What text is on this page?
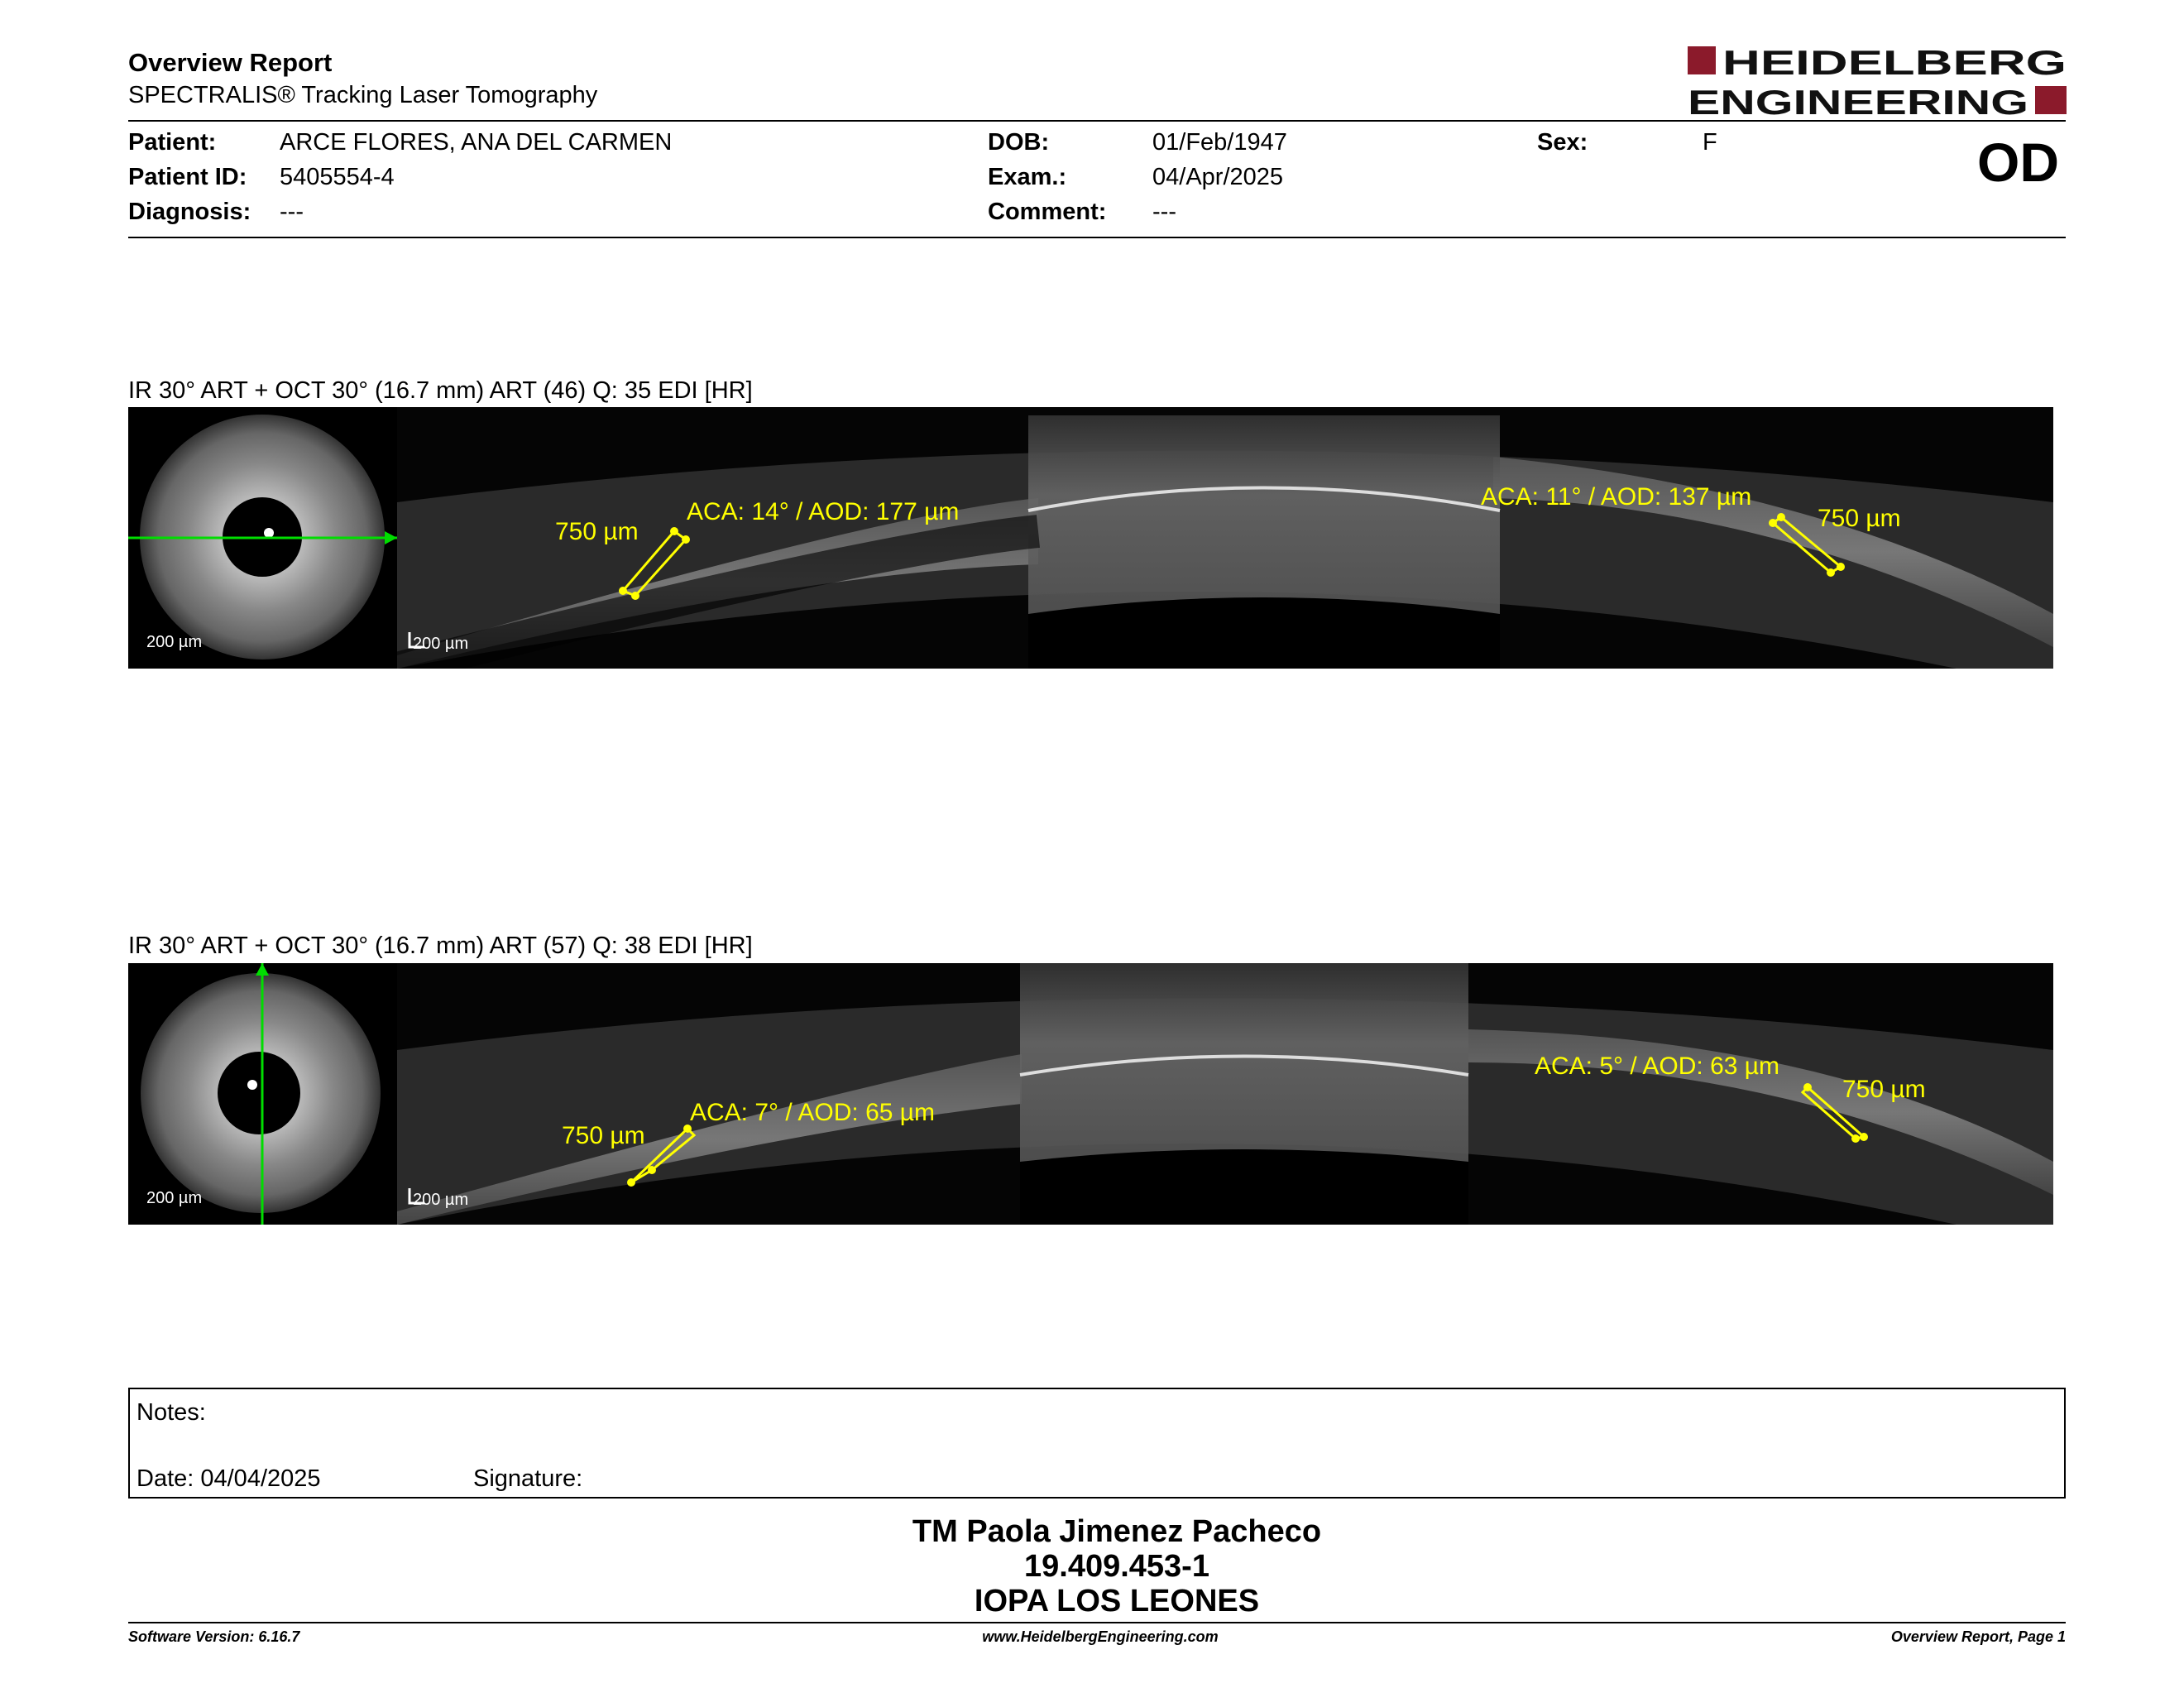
Overview Report
SPECTRALIS® Tracking Laser Tomography
HEIDELBERG
ENGINEERING
Patient:	ARCE FLORES, ANA DEL CARMEN
Patient ID: 5405554-4
Diagnosis: ---
DOB:	01/Feb/1947
Exam.:	04/Apr/2025
Comment: ---
Sex:	F	OD
IR 30° ART + OCT 30° (16.7 mm) ART (46) Q: 35 EDI [HR]
200 µm
750 µm
ACA: 14° / AOD: 177 µm
ACA: 11° / AOD: 137 µm
750 µm
200 µm
IR 30° ART + OCT 30° (16.7 mm) ART (57) Q: 38 EDI [HR]
200 µm
750 µm
ACA: 7° / AOD: 65 µm
ACA: 5° / AOD: 63 µm
750 µm
200 µm
Notes:
Date: 04/04/2025	Signature:
TM Paola Jimenez Pacheco
19.409.453-1
IOPA LOS LEONES
Software Version: 6.16.7	www.HeidelbergEngineering.com	Overview Report, Page 1
